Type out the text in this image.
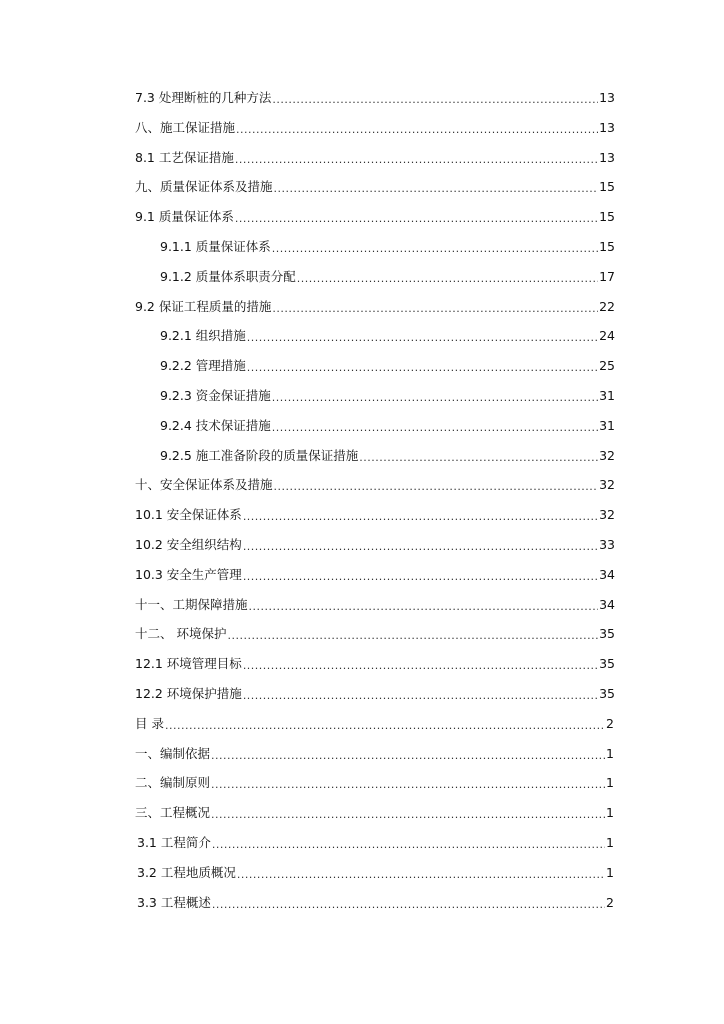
7.3 处理断桩的几种方法 .....	13
八、施工保证措施 .....	13
8.1 工艺保证措施 .....	13
九、质量保证体系及措施 .....	15
9.1 质量保证体系 .....	15
9.1.1 质量保证体系 .....	15
9.1.2 质量体系职责分配 .....	17
9.2 保证工程质量的措施 .....	22
9.2.1 组织措施 .....	24
9.2.2 管理措施 .....	25
9.2.3 资金保证措施 .....	31
9.2.4 技术保证措施 .....	31
9.2.5 施工准备阶段的质量保证措施 .....	32
十、安全保证体系及措施 .....	32
10.1 安全保证体系 .....	32
10.2 安全组织结构 .....	33
10.3 安全生产管理 .....	34
十一、工期保障措施 .....	34
十二、 环境保护 .....	35
12.1 环境管理目标 .....	35
12.2 环境保护措施 .....	35
目 录 .....	2
一、编制依据 .....	1
二、编制原则 .....	1
三、工程概况 .....	1
3.1 工程简介 .....	1
3.2 工程地质概况 .....	1
3.3 工程概述 .....	2
